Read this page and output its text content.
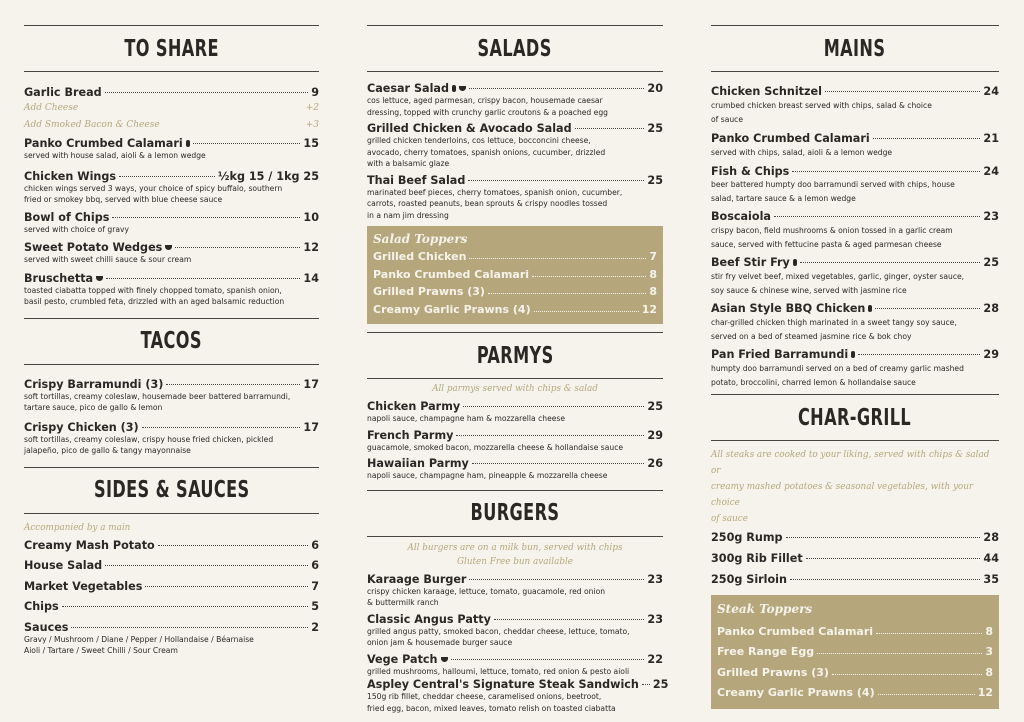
TO SHARE
Garlic Bread	9
Add Cheese	+2
Add Smoked Bacon & Cheese	+3
Panko Crumbed Calamari	15
served with house salad, aioli & a lemon wedge
Chicken Wings	½kg 15 / 1kg 25
chicken wings served 3 ways, your choice of spicy buffalo, southern
fried or smokey bbq, served with blue cheese sauce
Bowl of Chips	10
served with choice of gravy
Sweet Potato Wedges	12
served with sweet chilli sauce & sour cream
Bruschetta	14
toasted ciabatta topped with finely chopped tomato, spanish onion,
basil pesto, crumbled feta, drizzled with an aged balsamic reduction
TACOS
Crispy Barramundi (3)	17
soft tortillas, creamy coleslaw, housemade beer battered barramundi,
tartare sauce, pico de gallo & lemon
Crispy Chicken (3)	17
soft tortillas, creamy coleslaw, crispy house fried chicken, pickled
jalapeño, pico de gallo & tangy mayonnaise
SIDES & SAUCES
Accompanied by a main
Creamy Mash Potato	6
House Salad	6
Market Vegetables	7
Chips	5
Sauces	2
Gravy / Mushroom / Diane / Pepper / Hollandaise / Béarnaise
Aioli / Tartare / Sweet Chilli / Sour Cream
SALADS
Caesar Salad	20
cos lettuce, aged parmesan, crispy bacon, housemade caesar
dressing, topped with crunchy garlic croutons & a poached egg
Grilled Chicken & Avocado Salad	25
grilled chicken tenderloins, cos lettuce, bocconcini cheese,
avocado, cherry tomatoes, spanish onions, cucumber, drizzled
with a balsamic glaze
Thai Beef Salad	25
marinated beef pieces, cherry tomatoes, spanish onion, cucumber,
carrots, roasted peanuts, bean sprouts & crispy noodles tossed
in a nam jim dressing
Salad Toppers
Grilled Chicken	7
Panko Crumbed Calamari	8
Grilled Prawns (3)	8
Creamy Garlic Prawns (4)	12
PARMYS
All parmys served with chips & salad
Chicken Parmy	25
napoli sauce, champagne ham & mozzarella cheese
French Parmy	29
guacamole, smoked bacon, mozzarella cheese & hollandaise sauce
Hawaiian Parmy	26
napoli sauce, champagne ham, pineapple & mozzarella cheese
BURGERS
All burgers are on a milk bun, served with chips
Gluten Free bun available
Karaage Burger	23
crispy chicken karaage, lettuce, tomato, guacamole, red onion
& buttermilk ranch
Classic Angus Patty	23
grilled angus patty, smoked bacon, cheddar cheese, lettuce, tomato,
onion jam & housemade burger sauce
Vege Patch	22
grilled mushrooms, halloumi, lettuce, tomato, red onion & pesto aioli
Aspley Central's Signature Steak Sandwich 25
150g rib fillet, cheddar cheese, caramelised onions, beetroot,
fried egg, bacon, mixed leaves, tomato relish on toasted ciabatta
MAINS
Chicken Schnitzel	24
crumbed chicken breast served with chips, salad & choice
of sauce
Panko Crumbed Calamari	21
served with chips, salad, aioli & a lemon wedge
Fish & Chips	24
beer battered humpty doo barramundi served with chips, house
salad, tartare sauce & a lemon wedge
Boscaiola	23
crispy bacon, field mushrooms & onion tossed in a garlic cream
sauce, served with fettucine pasta & aged parmesan cheese
Beef Stir Fry	25
stir fry velvet beef, mixed vegetables, garlic, ginger, oyster sauce,
soy sauce & chinese wine, served with jasmine rice
Asian Style BBQ Chicken	28
char-grilled chicken thigh marinated in a sweet tangy soy sauce,
served on a bed of steamed jasmine rice & bok choy
Pan Fried Barramundi	29
humpty doo barramundi served on a bed of creamy garlic mashed
potato, broccolini, charred lemon & hollandaise sauce
CHAR-GRILL
All steaks are cooked to your liking, served with chips & salad or
creamy mashed potatoes & seasonal vegetables, with your choice
of sauce
250g Rump	28
300g Rib Fillet	44
250g Sirloin	35
Steak Toppers
Panko Crumbed Calamari	8
Free Range Egg	3
Grilled Prawns (3)	8
Creamy Garlic Prawns (4)	12
